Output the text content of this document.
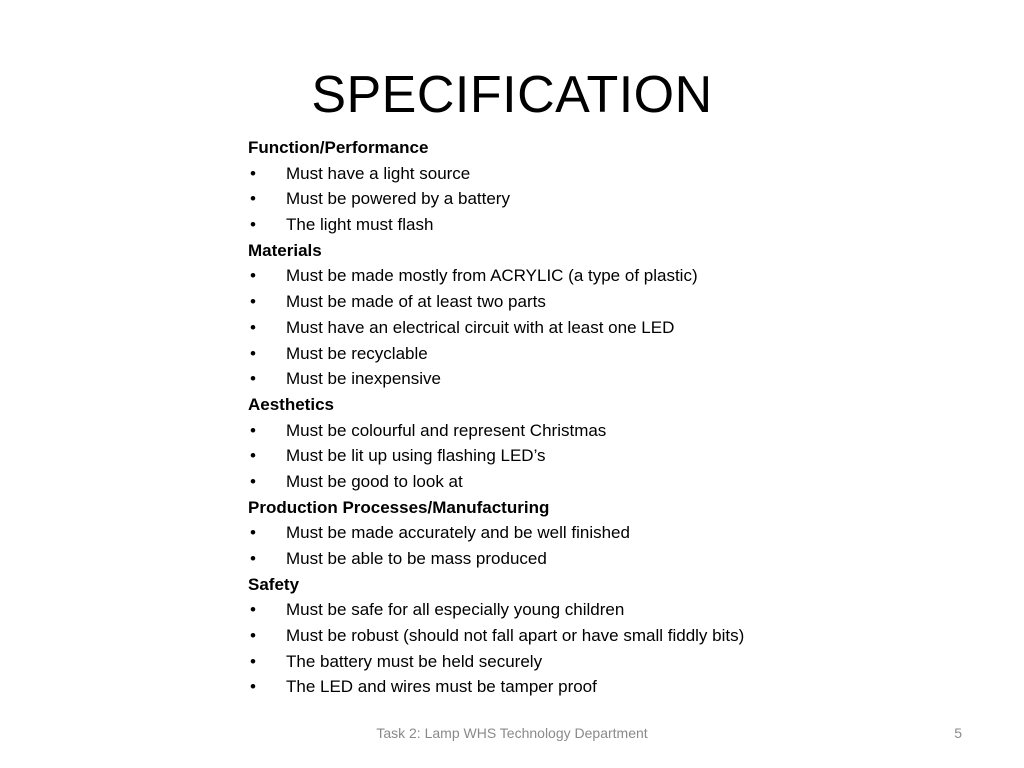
SPECIFICATION
Function/Performance
• Must have a light source
• Must be powered by a battery
• The light must flash
Materials
• Must be made mostly from ACRYLIC (a type of plastic)
• Must be made of at least two parts
• Must have an electrical circuit with at least one LED
• Must be recyclable
• Must be inexpensive
Aesthetics
• Must be colourful and represent Christmas
• Must be lit up using flashing LED’s
• Must be good to look at
Production Processes/Manufacturing
• Must be made accurately and be well finished
• Must be able to be mass produced
Safety
• Must be safe for all especially young children
• Must be robust (should not fall apart or have small fiddly bits)
• The battery must be held securely
• The LED and wires must be tamper proof
Task 2: Lamp WHS Technology Department	5
